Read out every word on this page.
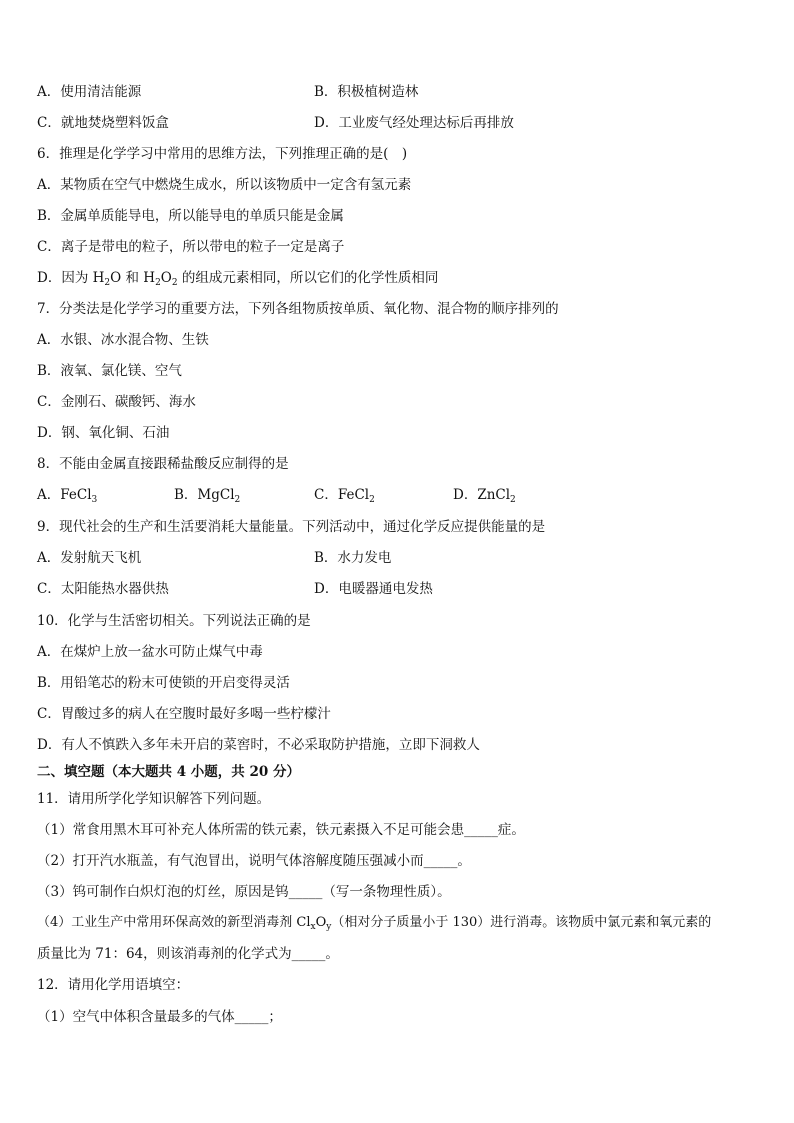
A．使用清洁能源	B．积极植树造林
C．就地焚烧塑料饭盒	D．工业废气经处理达标后再排放
6．推理是化学学习中常用的思维方法，下列推理正确的是(　)
A．某物质在空气中燃烧生成水，所以该物质中一定含有氢元素
B．金属单质能导电，所以能导电的单质只能是金属
C．离子是带电的粒子，所以带电的粒子一定是离子
D．因为 $H_2O$ 和 $H_2O_2$ 的组成元素相同，所以它们的化学性质相同
7．分类法是化学学习的重要方法，下列各组物质按单质、氧化物、混合物的顺序排列的
A．水银、冰水混合物、生铁
B．液氧、氯化镁、空气
C．金刚石、碳酸钙、海水
D．钢、氧化铜、石油
8．不能由金属直接跟稀盐酸反应制得的是
A．FeCl$_3$	B．MgCl$_2$	C．FeCl$_2$	D．ZnCl$_2$
9．现代社会的生产和生活要消耗大量能量。下列活动中，通过化学反应提供能量的是
A．发射航天飞机	B．水力发电
C．太阳能热水器供热	D．电暖器通电发热
10．化学与生活密切相关。下列说法正确的是
A．在煤炉上放一盆水可防止煤气中毒
B．用铅笔芯的粉末可使锁的开启变得灵活
C．胃酸过多的病人在空腹时最好多喝一些柠檬汁
D．有人不慎跌入多年未开启的菜窖时，不必采取防护措施，立即下洞救人
二、填空题（本大题共 4 小题，共 20 分）
11．请用所学化学知识解答下列问题。
（1）常食用黑木耳可补充人体所需的铁元素，铁元素摄入不足可能会患_____症。
（2）打开汽水瓶盖，有气泡冒出，说明气体溶解度随压强减小而_____。
（3）钨可制作白炽灯泡的灯丝，原因是钨_____（写一条物理性质）。
（4）工业生产中常用环保高效的新型消毒剂 $Cl_xO_y$（相对分子质量小于 130）进行消毒。该物质中氯元素和氧元素的
质量比为 71：64，则该消毒剂的化学式为_____。
12．请用化学用语填空：
（1）空气中体积含量最多的气体_____；
